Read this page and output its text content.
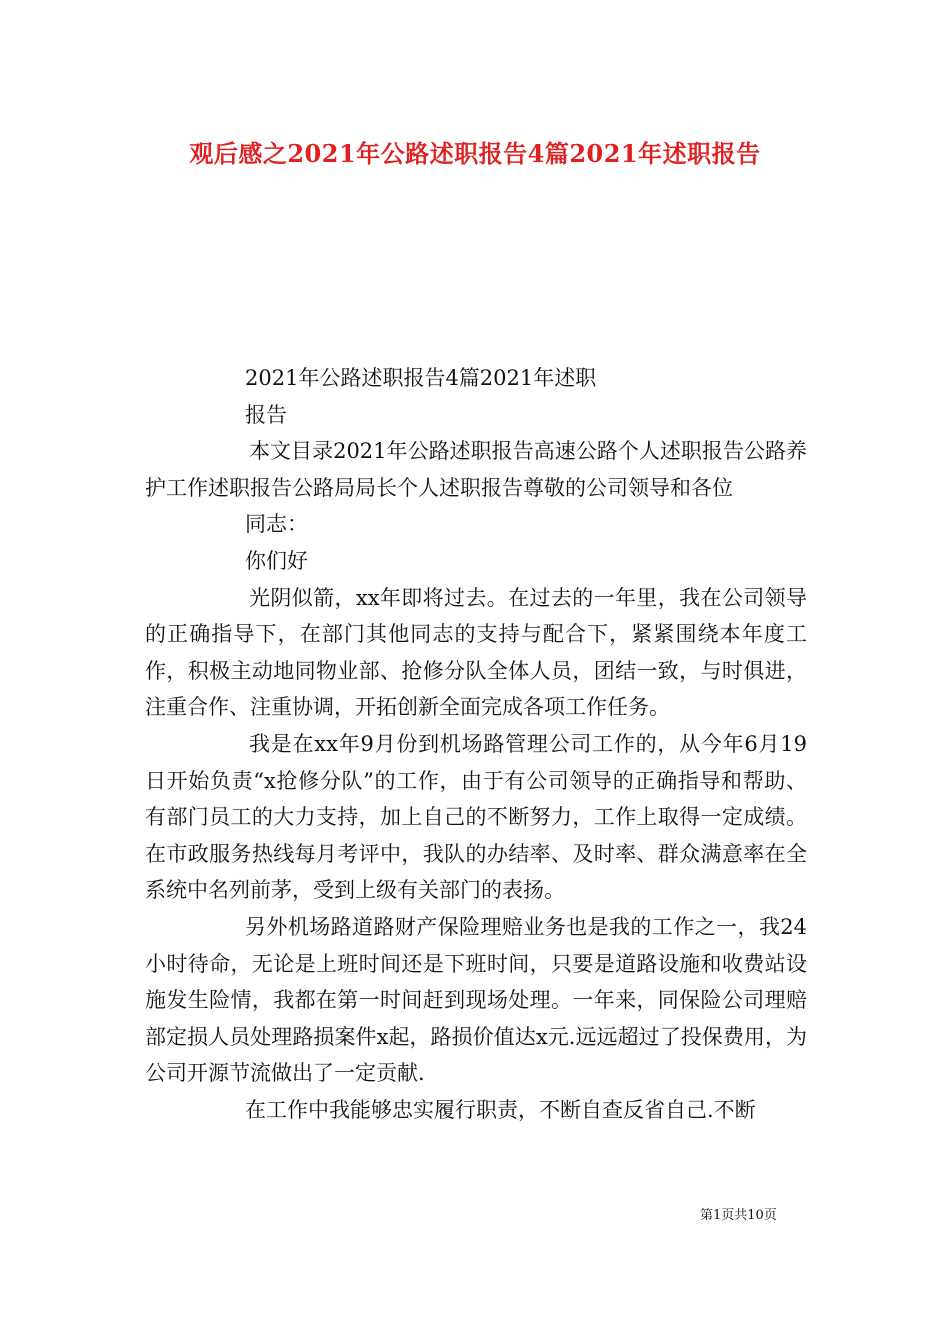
观后感之2021年公路述职报告4篇2021年述职报告

2021年公路述职报告4篇2021年述职

报告

本文目录2021年公路述职报告高速公路个人述职报告公路养护工作述职报告公路局局长个人述职报告尊敬的公司领导和各位

同志：

你们好

光阴似箭，xx年即将过去。在过去的一年里，我在公司领导的正确指导下，在部门其他同志的支持与配合下，紧紧围绕本年度工作，积极主动地同物业部、抢修分队全体人员，团结一致，与时俱进，注重合作、注重协调，开拓创新全面完成各项工作任务。

我是在xx年9月份到机场路管理公司工作的，从今年6月19日开始负责“x抢修分队”的工作，由于有公司领导的正确指导和帮助、有部门员工的大力支持，加上自己的不断努力，工作上取得一定成绩。在市政服务热线每月考评中，我队的办结率、及时率、群众满意率在全系统中名列前茅，受到上级有关部门的表扬。

另外机场路道路财产保险理赔业务也是我的工作之一，我24小时待命，无论是上班时间还是下班时间，只要是道路设施和收费站设施发生险情，我都在第一时间赶到现场处理。一年来，同保险公司理赔部定损人员处理路损案件x起，路损价值达x元.远远超过了投保费用，为公司开源节流做出了一定贡献.

在工作中我能够忠实履行职责，不断自查反省自己.不断

第1页共10页
